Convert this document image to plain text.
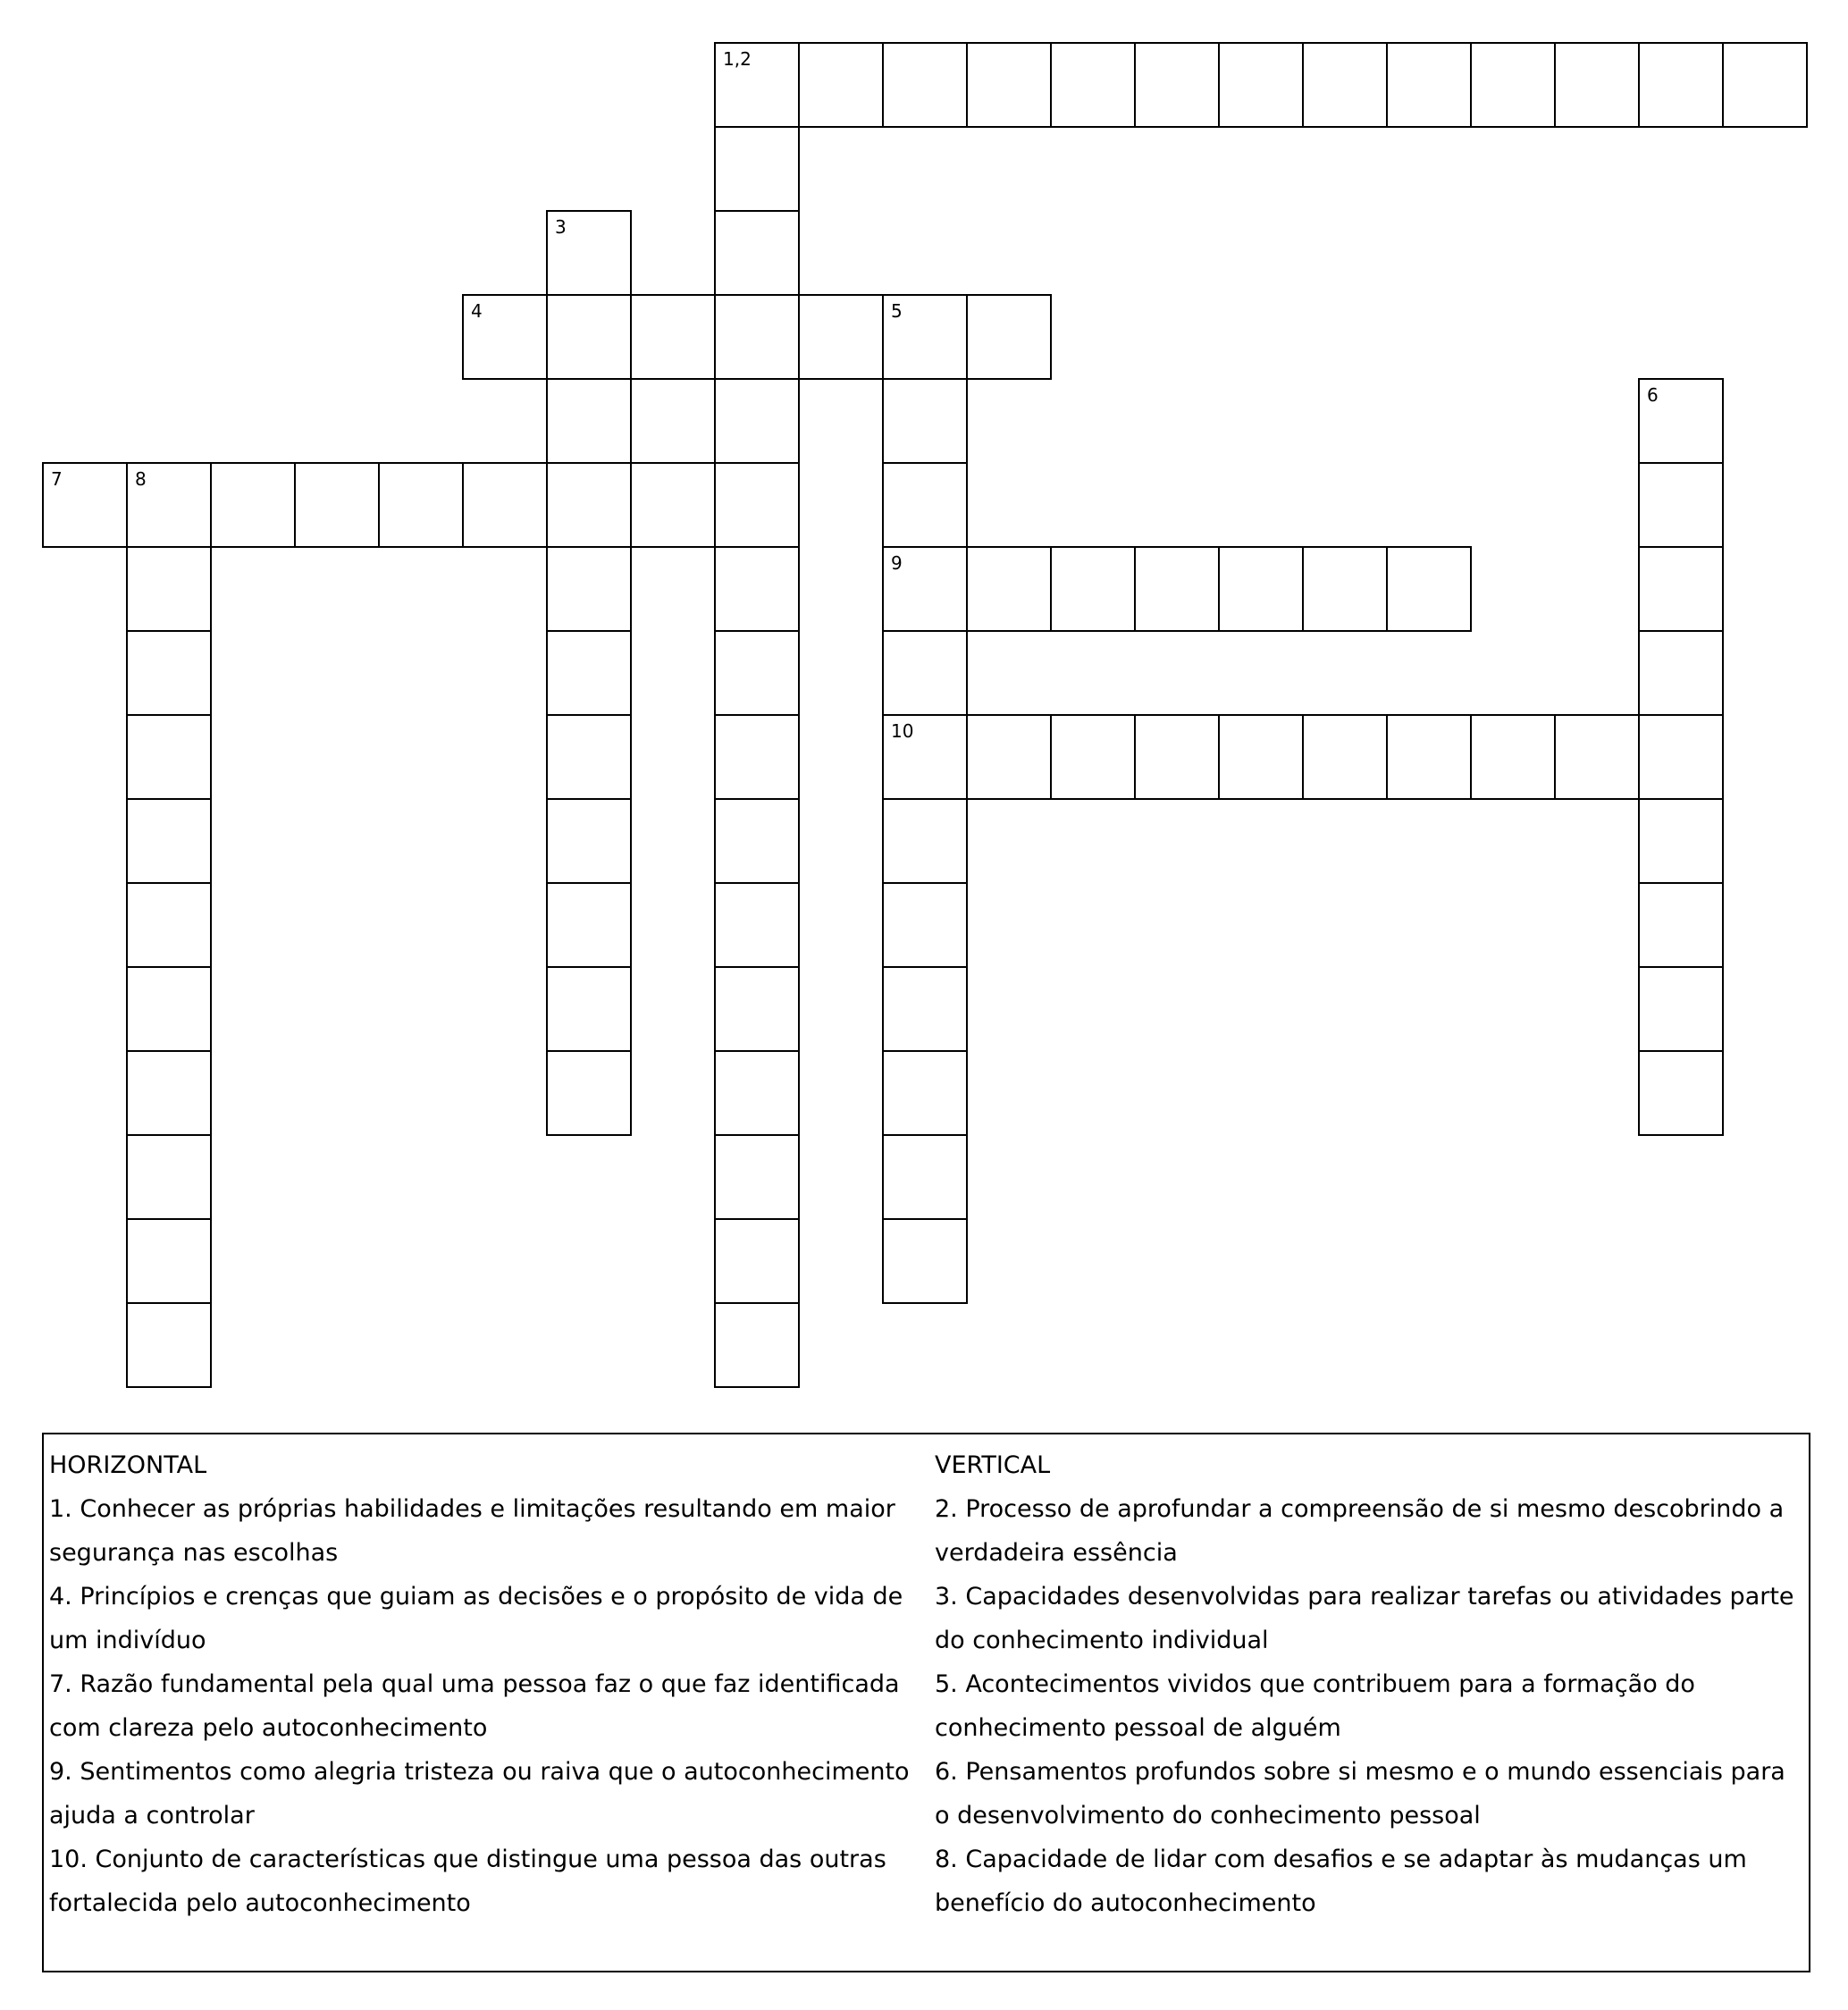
1,2
3
4	5
9
10
6
7	8

HORIZONTAL

1. Conhecer as próprias habilidades e limitações resultando em maior segurança nas escolhas

4. Princípios e crenças que guiam as decisões e o propósito de vida de um indivíduo

7. Razão fundamental pela qual uma pessoa faz o que faz identificada com clareza pelo autoconhecimento

9. Sentimentos como alegria tristeza ou raiva que o autoconhecimento ajuda a controlar

10. Conjunto de características que distingue uma pessoa das outras fortalecida pelo autoconhecimento

VERTICAL

2. Processo de aprofundar a compreensão de si mesmo descobrindo a verdadeira essência

3. Capacidades desenvolvidas para realizar tarefas ou atividades parte do conhecimento individual

5. Acontecimentos vividos que contribuem para a formação do conhecimento pessoal de alguém

6. Pensamentos profundos sobre si mesmo e o mundo essenciais para o desenvolvimento do conhecimento pessoal

8. Capacidade de lidar com desafios e se adaptar às mudanças um benefício do autoconhecimento
